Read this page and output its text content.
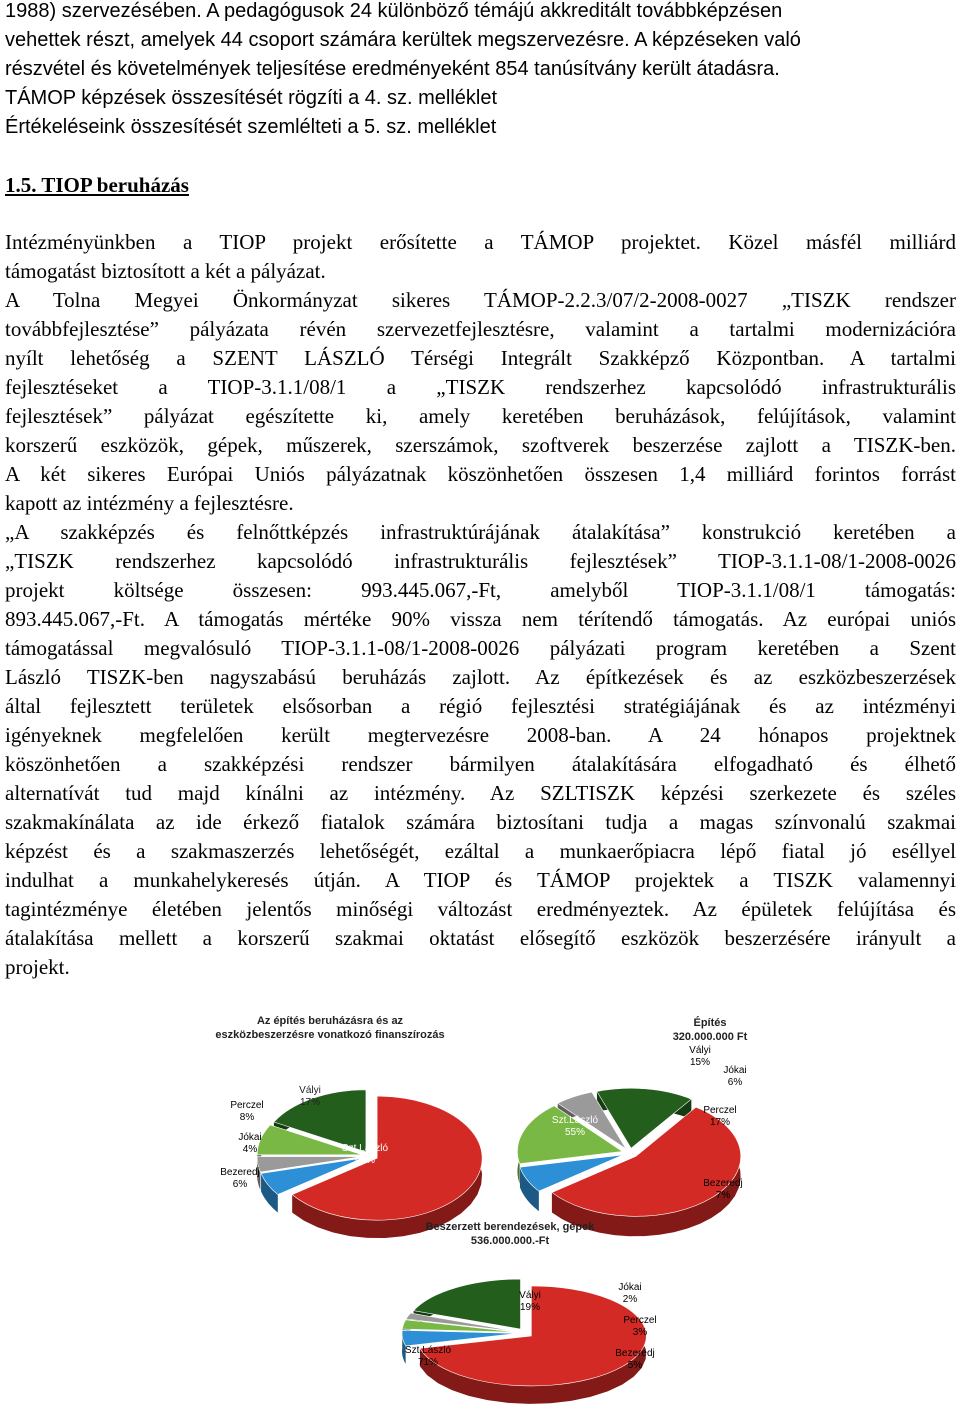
1988) szervezésében. A pedagógusok 24 különböző témájú akkreditált továbbképzésen
vehettek részt, amelyek 44 csoport számára kerültek megszervezésre. A képzéseken való
részvétel és követelmények teljesítése eredményeként 854 tanúsítvány került átadásra.
TÁMOP képzések összesítését rögzíti a 4. sz. melléklet
Értékeléseink összesítését szemlélteti a 5. sz. melléklet
1.5. TIOP beruházás
Intézményünkben a TIOP projekt erősítette a TÁMOP projektet. Közel másfél milliárd
támogatást biztosított a két a pályázat.
A Tolna Megyei Önkormányzat sikeres TÁMOP-2.2.3/07/2-2008-0027 „TISZK rendszer
továbbfejlesztése” pályázata révén szervezetfejlesztésre, valamint a tartalmi modernizációra
nyílt lehetőség a SZENT LÁSZLÓ Térségi Integrált Szakképző Központban. A tartalmi
fejlesztéseket a TIOP-3.1.1/08/1 a „TISZK rendszerhez kapcsolódó infrastrukturális
fejlesztések” pályázat egészítette ki, amely keretében beruházások, felújítások, valamint
korszerű eszközök, gépek, műszerek, szerszámok, szoftverek beszerzése zajlott a TISZK-ben.
A két sikeres Európai Uniós pályázatnak köszönhetően összesen 1,4 milliárd forintos forrást
kapott az intézmény a fejlesztésre.
„A szakképzés és felnőttképzés infrastruktúrájának átalakítása” konstrukció keretében a
„TISZK rendszerhez kapcsolódó infrastrukturális fejlesztések” TIOP-3.1.1-08/1-2008-0026
projekt költsége összesen: 993.445.067,-Ft, amelyből TIOP-3.1.1/08/1 támogatás:
893.445.067,-Ft. A támogatás mértéke 90% vissza nem térítendő támogatás. Az európai uniós
támogatással megvalósuló TIOP-3.1.1-08/1-2008-0026 pályázati program keretében a Szent
László TISZK-ben nagyszabású beruházás zajlott. Az építkezések és az eszközbeszerzések
által fejlesztett területek elsősorban a régió fejlesztési stratégiájának és az intézményi
igényeknek megfelelően került megtervezésre 2008-ban. A 24 hónapos projektnek
köszönhetően a szakképzési rendszer bármilyen átalakítására elfogadható és élhető
alternatívát tud majd kínálni az intézmény. Az SZLTISZK képzési szerkezete és széles
szakmakínálata az ide érkező fiatalok számára biztosítani tudja a magas színvonalú szakmai
képzést és a szakmaszerzés lehetőségét, ezáltal a munkaerőpiacra lépő fiatal jó eséllyel
indulhat a munkahelykeresés útján. A TIOP és TÁMOP projektek a TISZK valamennyi
tagintézménye életében jelentős minőségi változást eredményeztek. Az épületek felújítása és
átalakítása mellett a korszerű szakmai oktatást elősegítő eszközök beszerzésére irányult a
projekt.
Az építés beruházásra és az eszközbeszerzésre vonatkozó finanszírozás
Szt.László 65%
Bezeredj 6%
Jókai 4%
Perczel 8%
Vályi 17%
Építés 320.000.000 Ft
Szt.László 55%
Bezeredj 7%
Perczel 17%
Jókai 6%
Vályi 15%
Beszerzett berendezések, gépek 536.000.000.-Ft
Szt.László 71%
Bezeredj 5%
Perczel 3%
Jókai 2%
Vályi 19%
